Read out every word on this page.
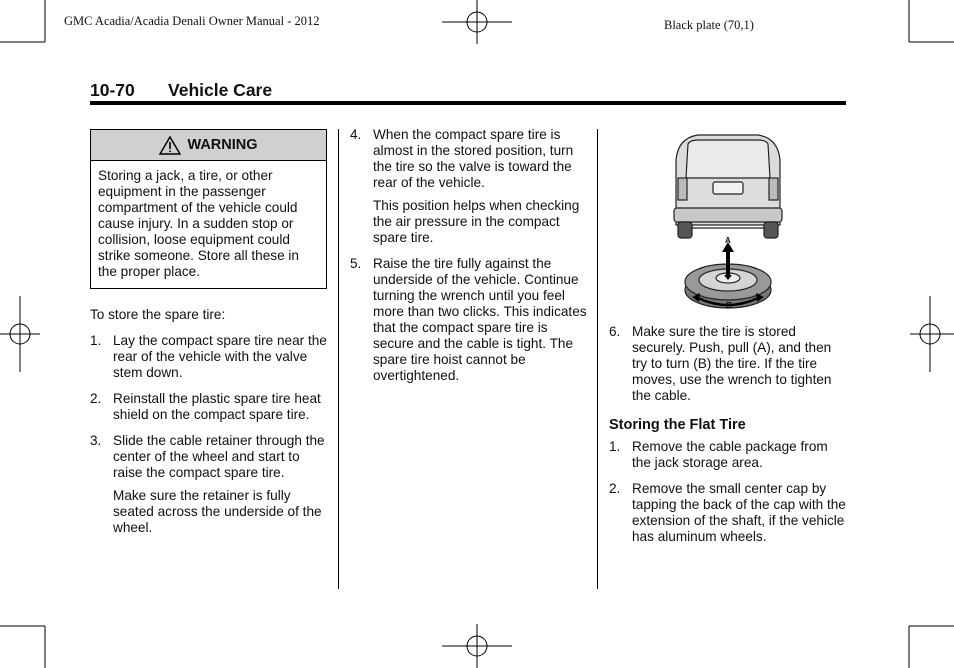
GMC Acadia/Acadia Denali Owner Manual - 2012	Black plate (70,1)
10-70 Vehicle Care
WARNING
Storing a jack, a tire, or other equipment in the passenger compartment of the vehicle could cause injury. In a sudden stop or collision, loose equipment could strike someone. Store all these in the proper place.

To store the spare tire:

1. Lay the compact spare tire near the rear of the vehicle with the valve stem down.
2. Reinstall the plastic spare tire heat shield on the compact spare tire.
3. Slide the cable retainer through the center of the wheel and start to raise the compact spare tire.

Make sure the retainer is fully seated across the underside of the wheel.

4. When the compact spare tire is almost in the stored position, turn the tire so the valve is toward the rear of the vehicle.

This position helps when checking the air pressure in the compact spare tire.

5. Raise the tire fully against the underside of the vehicle. Continue turning the wrench until you feel more than two clicks. This indicates that the compact spare tire is secure and the cable is tight. The spare tire hoist cannot be overtightened.
A
B
6. Make sure the tire is stored securely. Push, pull (A), and then try to turn (B) the tire. If the tire moves, use the wrench to tighten the cable.
Storing the Flat Tire
1. Remove the cable package from the jack storage area.
2. Remove the small center cap by tapping the back of the cap with the extension of the shaft, if the vehicle has aluminum wheels.
